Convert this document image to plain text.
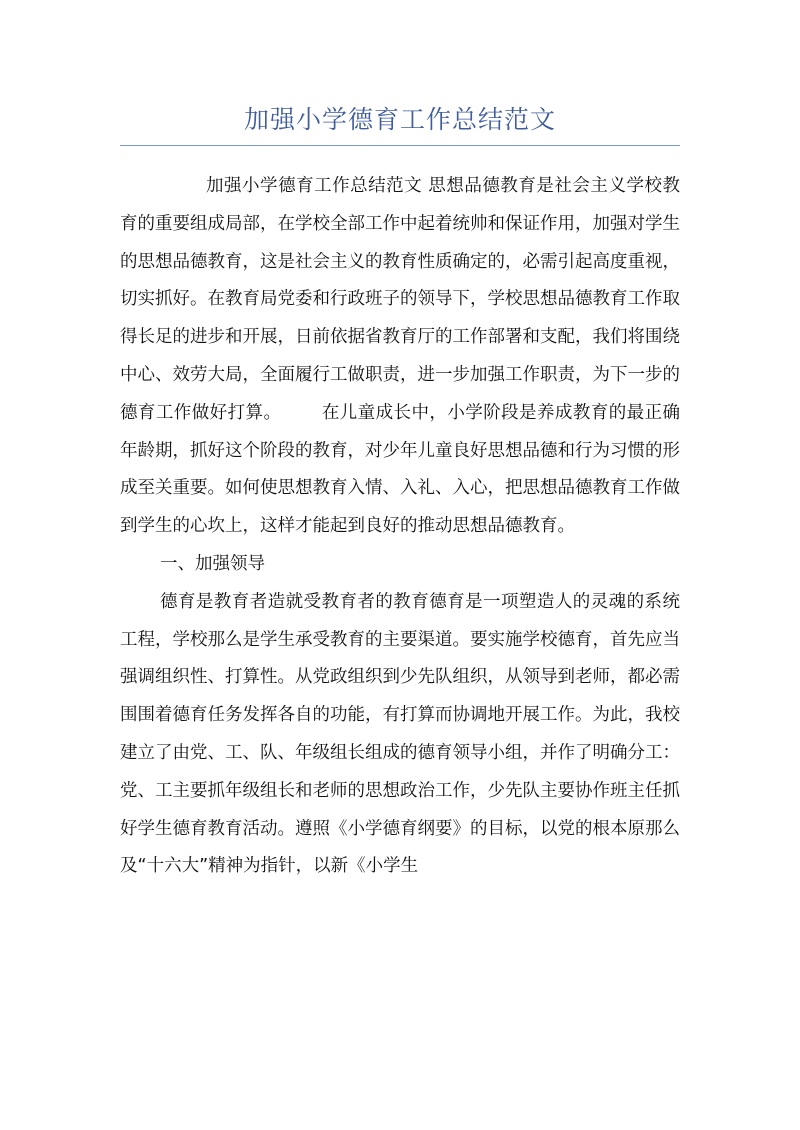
加强小学德育工作总结范文

加强小学德育工作总结范文 思想品德教育是社会主义学校教育的重要组成局部，在学校全部工作中起着统帅和保证作用，加强对学生的思想品德教育，这是社会主义的教育性质确定的，必需引起高度重视，切实抓好。在教育局党委和行政班子的领导下，学校思想品德教育工作取得长足的进步和开展，日前依据省教育厅的工作部署和支配，我们将围绕中心、效劳大局，全面履行工做职责，进一步加强工作职责，为下一步的德育工作做好打算。 在儿童成长中，小学阶段是养成教育的最正确年龄期，抓好这个阶段的教育，对少年儿童良好思想品德和行为习惯的形成至关重要。如何使思想教育入情、入礼、入心，把思想品德教育工作做到学生的心坎上，这样才能起到良好的推动思想品德教育。

一、加强领导

德育是教育者造就受教育者的教育德育是一项塑造人的灵魂的系统工程，学校那么是学生承受教育的主要渠道。要实施学校德育，首先应当强调组织性、打算性。从党政组织到少先队组织，从领导到老师，都必需围围着德育任务发挥各自的功能，有打算而协调地开展工作。为此，我校建立了由党、工、队、年级组长组成的德育领导小组，并作了明确分工：党、工主要抓年级组长和老师的思想政治工作，少先队主要协作班主任抓好学生德育教育活动。遵照《小学德育纲要》的目标，以党的根本原那么及“十六大”精神为指针，以新《小学生
